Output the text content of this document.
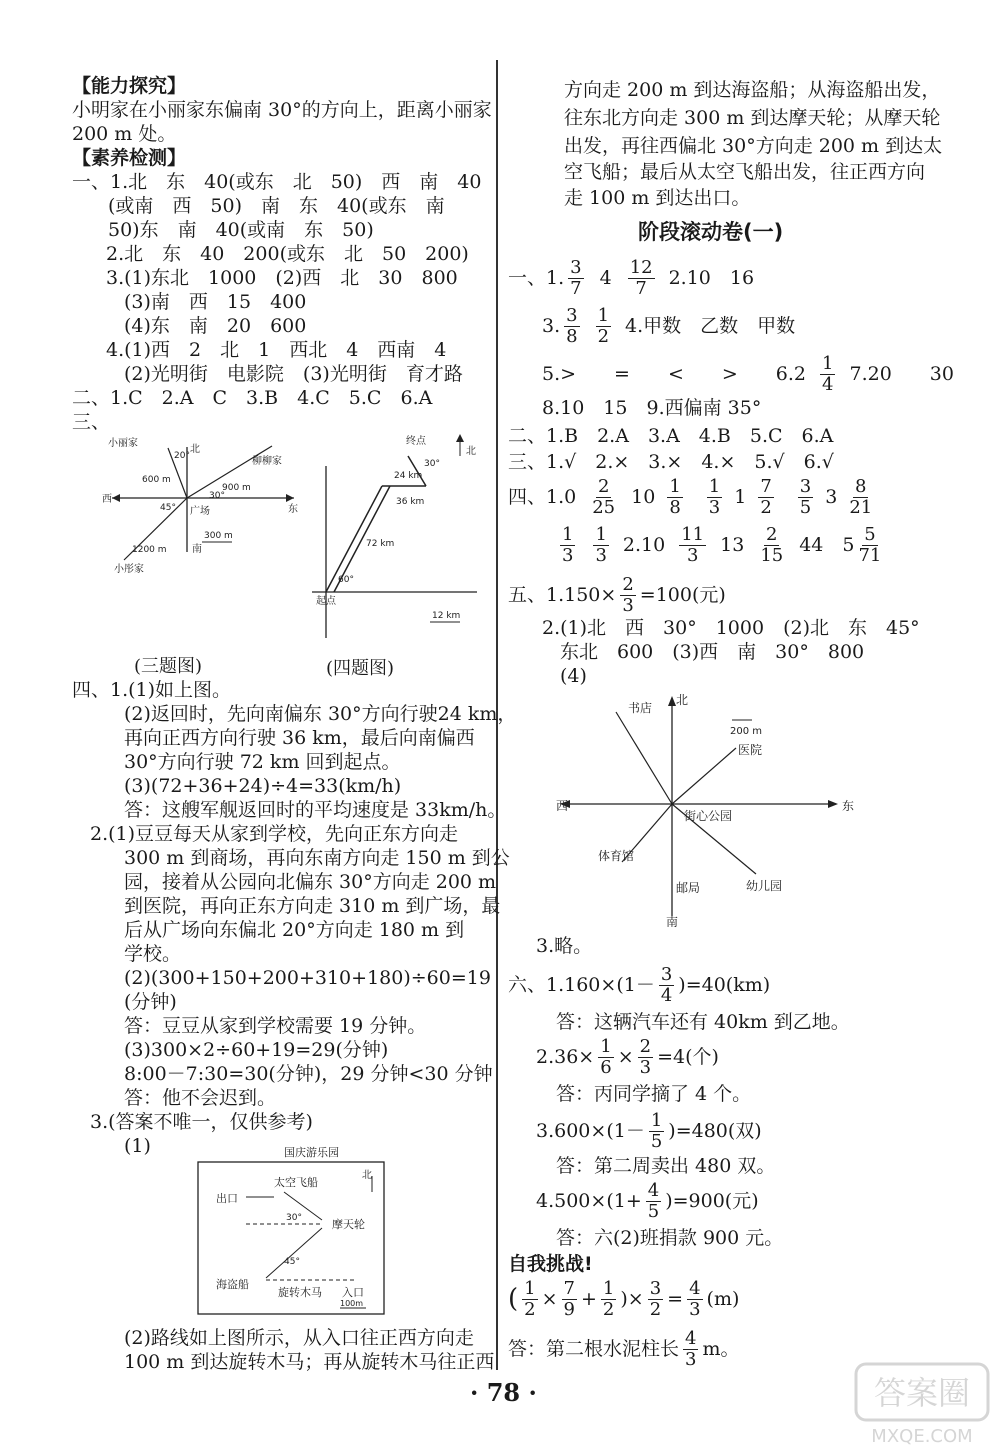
【能力探究】
小明家在小丽家东偏南 30°的方向上，距离小丽家
200 m 处。
【素养检测】
一、1.北　东　40(或东　北　50)　西　南　40
(或南　西　50)　南　东　40(或东　南
50)东　南　40(或南　东　50)
2.北　东　40　200(或东　北　50　200)
3.(1)东北　1000　(2)西　北　30　800
(3)南　西　15　400
(4)东　南　20　600
4.(1)西　2　北　1　西北　4　西南　4
(2)光明街　电影院　(3)光明街　育才路
二、1.C　2.A　C　3.B　4.C　5.C　6.A
三、
小丽家
北
20°	柳柳家
600 m
900 m
30°
西
东
45° 广场
300 m
1200 m	南
小彤家
终点
北
30°
24 km
36 km
72 km
60°
起点
12 km
(三题图)	(四题图)
四、1.(1)如上图。
(2)返回时，先向南偏东 30°方向行驶24 km，
再向正西方向行驶 36 km，最后向南偏西
30°方向行驶 72 km 回到起点。
(3)(72+36+24)÷4=33(km/h)
答：这艘军舰返回时的平均速度是 33km/h。
2.(1)豆豆每天从家到学校，先向正东方向走
300 m 到商场，再向东南方向走 150 m 到公
园，接着从公园向北偏东 30°方向走 200 m
到医院，再向正东方向走 310 m 到广场，最
后从广场向东偏北 20°方向走 180 m 到
学校。
(2)(300+150+200+310+180)÷60=19
(分钟)
答：豆豆从家到学校需要 19 分钟。
(3)300×2÷60+19=29(分钟)
8:00－7:30=30(分钟)，29 分钟<30 分钟
答：他不会迟到。
3.(答案不唯一，仅供参考)
(1)	国庆游乐园
北
太空飞船
出口
30°	摩天轮
45°
海盗船
旋转木马 入口
100m
(2)路线如上图所示，从入口往正西方向走
100 m 到达旋转木马；再从旋转木马往正西
方向走 200 m 到达海盗船；从海盗船出发，
往东北方向走 300 m 到达摩天轮；从摩天轮
出发，再往西偏北 30°方向走 200 m 到达太
空飞船；最后从太空飞船出发，往正西方向
走 100 m 到达出口。
阶段滚动卷(一)
一、1. $\frac{3}{7} 4 \frac{12}{7} 2.10$　16
3. $\frac{3}{8} \frac{1}{2} 4$.甲数　乙数　甲数
5.>　　=　　<　　>　　$6.2 \frac{1}{4} 7.20$　　30
8.10　15　9.西偏南 35°
二、1.B　2.A　3.A　4.B　5.C　6.A
三、1.√　2.×　3.×　4.×　5.√　6.√
四、$1.0 \frac{2}{25} 10 \frac{1}{8} \frac{1}{3} 1 \frac{7}{2} \frac{3}{5} 3 \frac{8}{21}$
$\frac{1}{3} \frac{1}{3} 2.10 \frac{11}{3} 13 \frac{2}{15} 44$　$5 \frac{5}{71}$
五、$1.150\times \frac{2}{3} =100$(元)
2.(1)北　西　30°　1000　(2)北　东　45°
东北　600　(3)西　南　30°　800
(4)
北
书店
200 m
医院
西	东
街心公园
体育馆
幼儿园
邮局
南
3.略。
六、$1.160\times(1- \frac{3}{4} )=40(km)$
答：这辆汽车还有 40km 到乙地。
$2.36\times \frac{1}{6} \times \frac{2}{3} =4$(个)
答：丙同学摘了 4 个。
$3.600\times(1- \frac{1}{5} )=480$(双)
答：第二周卖出 480 双。
$4.500\times(1+ \frac{4}{5} )=900$(元)
答：六(2)班捐款 900 元。
自我挑战!
( $\frac{1}{2} \times \frac{7}{9} + \frac{1}{2}$ )× $\frac{3}{2} = \frac{4}{3} (m)$
答：第二根水泥柱长 $\frac{4}{3}$ m。
· 78 ·	答案圈
MXQE.COM
